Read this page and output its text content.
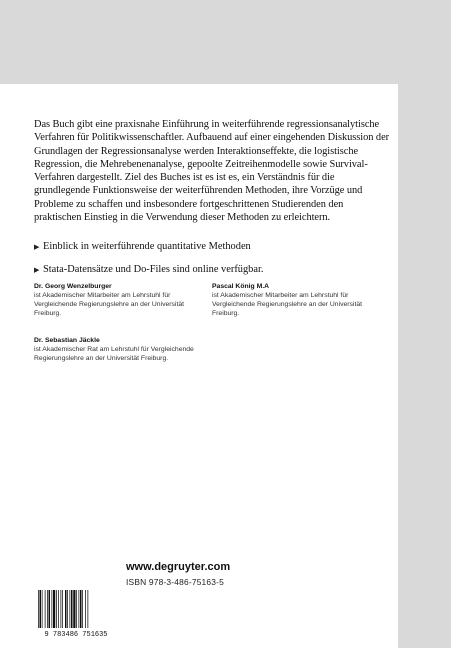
Das Buch gibt eine praxisnahe Einführung in weiterführende regressionsanalytische Verfahren für Politikwissenschaftler. Aufbauend auf einer eingehenden Diskussion der Grundlagen der Regressionsanalyse werden Interaktionseffekte, die logistische Regression, die Mehrebenenanalyse, gepoolte Zeitreihenmodelle sowie Survival-Verfahren dargestellt. Ziel des Buches ist es ist es, ein Verständnis für die grundlegende Funktionsweise der weiterführenden Methoden, ihre Vorzüge und Probleme zu schaffen und insbesondere fortgeschrittenen Studierenden den praktischen Einstieg in die Verwendung dieser Methoden zu erleichtern.

▶ Einblick in weiterführende quantitative Methoden
▶ Stata-Datensätze und Do-Files sind online verfügbar.
Dr. Georg Wenzelburger
ist Akademischer Mitarbeiter am Lehrstuhl für Vergleichende Regierungslehre an der Universität Freiburg.
Pascal König M.A
ist Akademischer Mitarbeiter am Lehrstuhl für Vergleichende Regierungslehre an der Universität Freiburg.
Dr. Sebastian Jäckle
ist Akademischer Rat am Lehrstuhl für Vergleichende Regierungslehre an der Universität Freiburg.
www.degruyter.com
ISBN 978-3-486-75163-5
9 783486 751635
